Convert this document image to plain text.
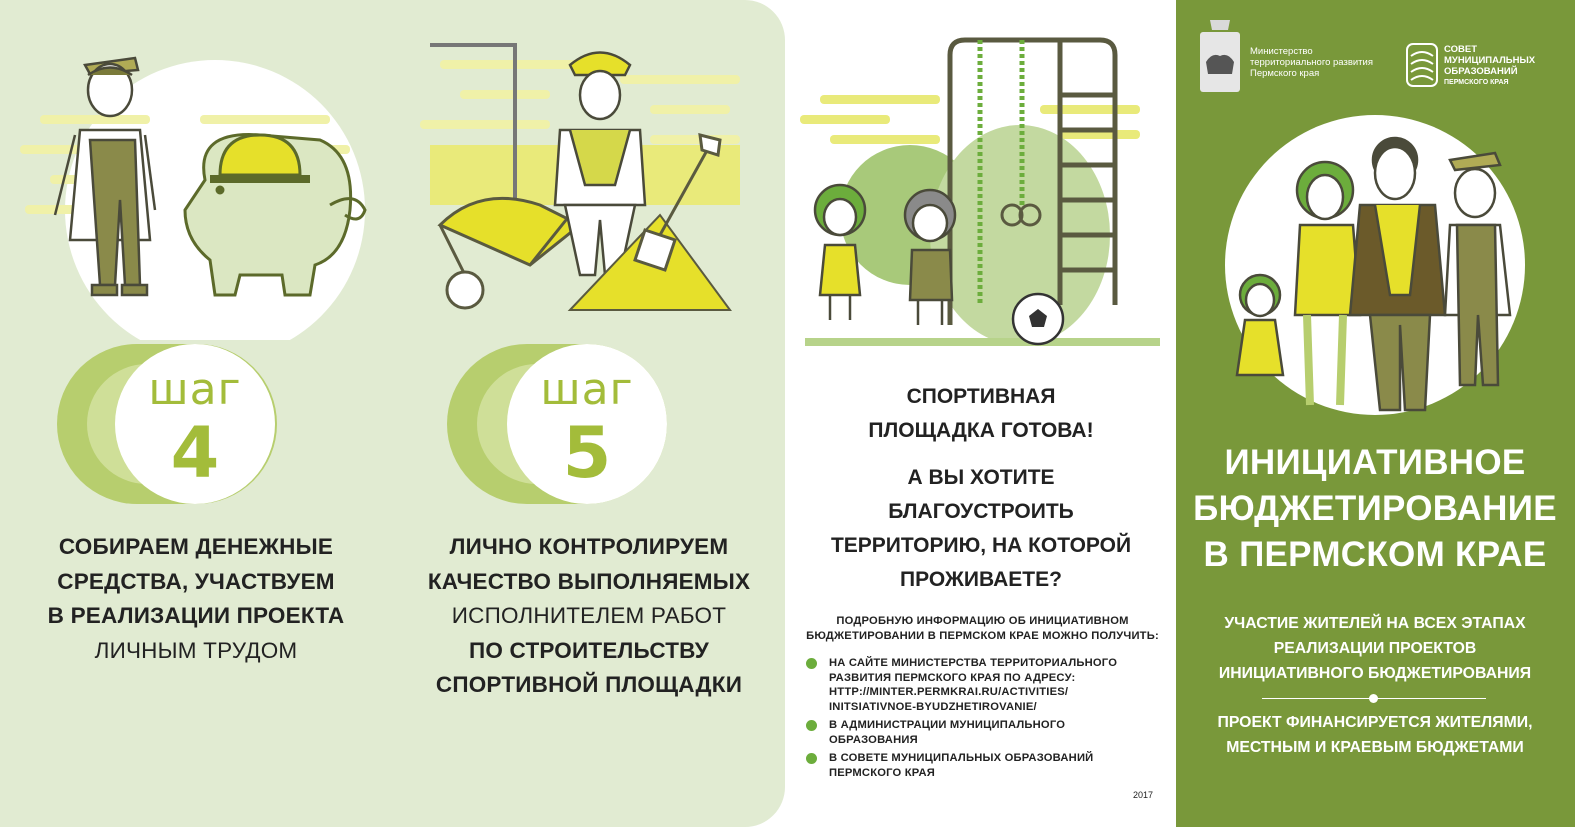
шаг
4
шаг
5
СОБИРАЕМ ДЕНЕЖНЫЕ
СРЕДСТВА, УЧАСТВУЕМ
В РЕАЛИЗАЦИИ ПРОЕКТА
ЛИЧНЫМ ТРУДОМ
ЛИЧНО КОНТРОЛИРУЕМ
КАЧЕСТВО ВЫПОЛНЯЕМЫХ
ИСПОЛНИТЕЛЕМ РАБОТ
ПО СТРОИТЕЛЬСТВУ
СПОРТИВНОЙ ПЛОЩАДКИ
СПОРТИВНАЯ
ПЛОЩАДКА ГОТОВА!
А ВЫ ХОТИТЕ
БЛАГОУСТРОИТЬ
ТЕРРИТОРИЮ, НА КОТОРОЙ
ПРОЖИВАЕТЕ?
ПОДРОБНУЮ ИНФОРМАЦИЮ ОБ ИНИЦИАТИВНОМ
БЮДЖЕТИРОВАНИИ В ПЕРМСКОМ КРАЕ МОЖНО ПОЛУЧИТЬ:
НА САЙТЕ МИНИСТЕРСТВА ТЕРРИТОРИАЛЬНОГО
РАЗВИТИЯ ПЕРМСКОГО КРАЯ ПО АДРЕСУ:
HTTP://MINTER.PERMKRAI.RU/ACTIVITIES/
INITSIATIVNOE-BYUDZHETIROVANIE/
В АДМИНИСТРАЦИИ МУНИЦИПАЛЬНОГО
ОБРАЗОВАНИЯ
В СОВЕТЕ МУНИЦИПАЛЬНЫХ ОБРАЗОВАНИЙ
ПЕРМСКОГО КРАЯ
2017
Министерство
территориального развития
Пермского края
СОВЕТ
МУНИЦИПАЛЬНЫХ
ОБРАЗОВАНИЙ
ПЕРМСКОГО КРАЯ
ИНИЦИАТИВНОЕ
БЮДЖЕТИРОВАНИЕ
В ПЕРМСКОМ КРАЕ
УЧАСТИЕ ЖИТЕЛЕЙ НА ВСЕХ ЭТАПАХ
РЕАЛИЗАЦИИ ПРОЕКТОВ
ИНИЦИАТИВНОГО БЮДЖЕТИРОВАНИЯ
ПРОЕКТ ФИНАНСИРУЕТСЯ ЖИТЕЛЯМИ,
МЕСТНЫМ И КРАЕВЫМ БЮДЖЕТАМИ
